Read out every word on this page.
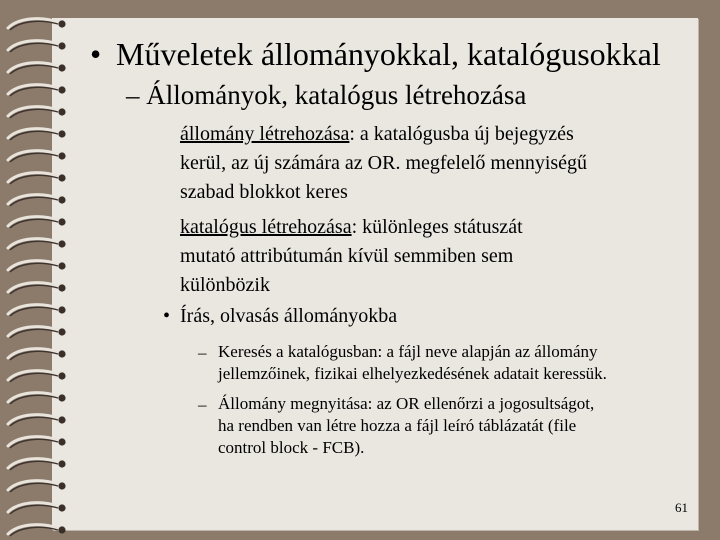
• Műveletek állományokkal, katalógusokkal
– Állományok, katalógus létrehozása
állomány létrehozása: a katalógusba új bejegyzés
kerül, az új számára az OR. megfelelő mennyiségű
szabad blokkot keres
katalógus létrehozása: különleges státuszát
mutató attribútumán kívül semmiben sem
különbözik
• Írás, olvasás állományokba
– Keresés a katalógusban: a fájl neve alapján az állomány
jellemzőinek, fizikai elhelyezkedésének adatait keressük.
– Állomány megnyitása: az OR ellenőrzi a jogosultságot,
ha rendben van létre hozza a fájl leíró táblázatát (file
control block - FCB).
61
